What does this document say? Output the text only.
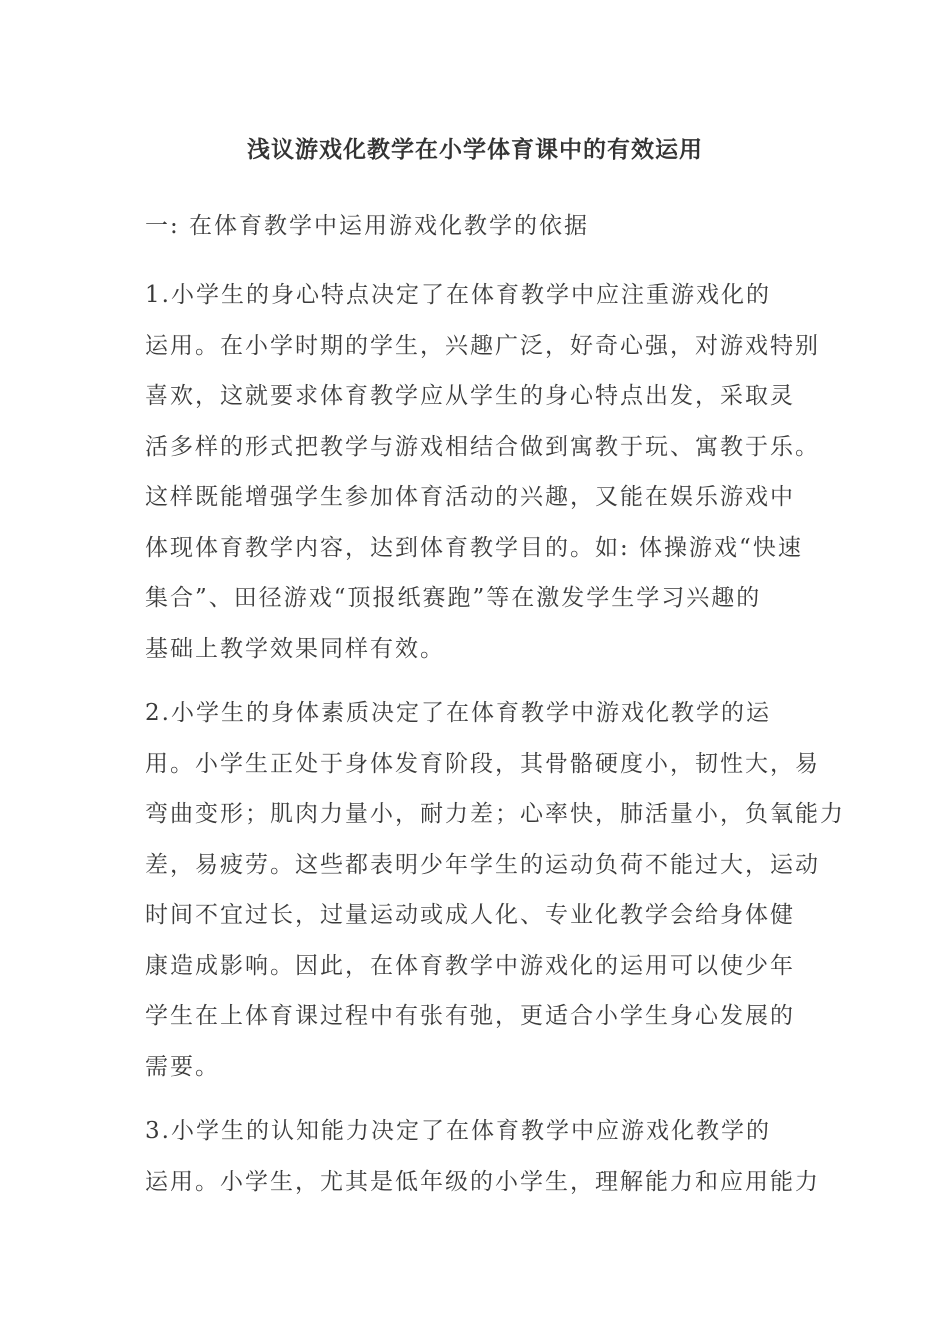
浅议游戏化教学在小学体育课中的有效运用
一: 在体育教学中运用游戏化教学的依据
1.小学生的身心特点决定了在体育教学中应注重游戏化的
运用。在小学时期的学生，兴趣广泛，好奇心强，对游戏特别
喜欢，这就要求体育教学应从学生的身心特点出发，采取灵
活多样的形式把教学与游戏相结合做到寓教于玩、寓教于乐。
这样既能增强学生参加体育活动的兴趣，又能在娱乐游戏中
体现体育教学内容，达到体育教学目的。如: 体操游戏“快速
集合”、田径游戏“顶报纸赛跑”等在激发学生学习兴趣的
基础上教学效果同样有效。
2.小学生的身体素质决定了在体育教学中游戏化教学的运
用。小学生正处于身体发育阶段，其骨骼硬度小，韧性大，易
弯曲变形；肌肉力量小，耐力差；心率快，肺活量小，负氧能力
差，易疲劳。这些都表明少年学生的运动负荷不能过大，运动
时间不宜过长，过量运动或成人化、专业化教学会给身体健
康造成影响。因此，在体育教学中游戏化的运用可以使少年
学生在上体育课过程中有张有弛，更适合小学生身心发展的
需要。
3.小学生的认知能力决定了在体育教学中应游戏化教学的
运用。小学生，尤其是低年级的小学生，理解能力和应用能力
